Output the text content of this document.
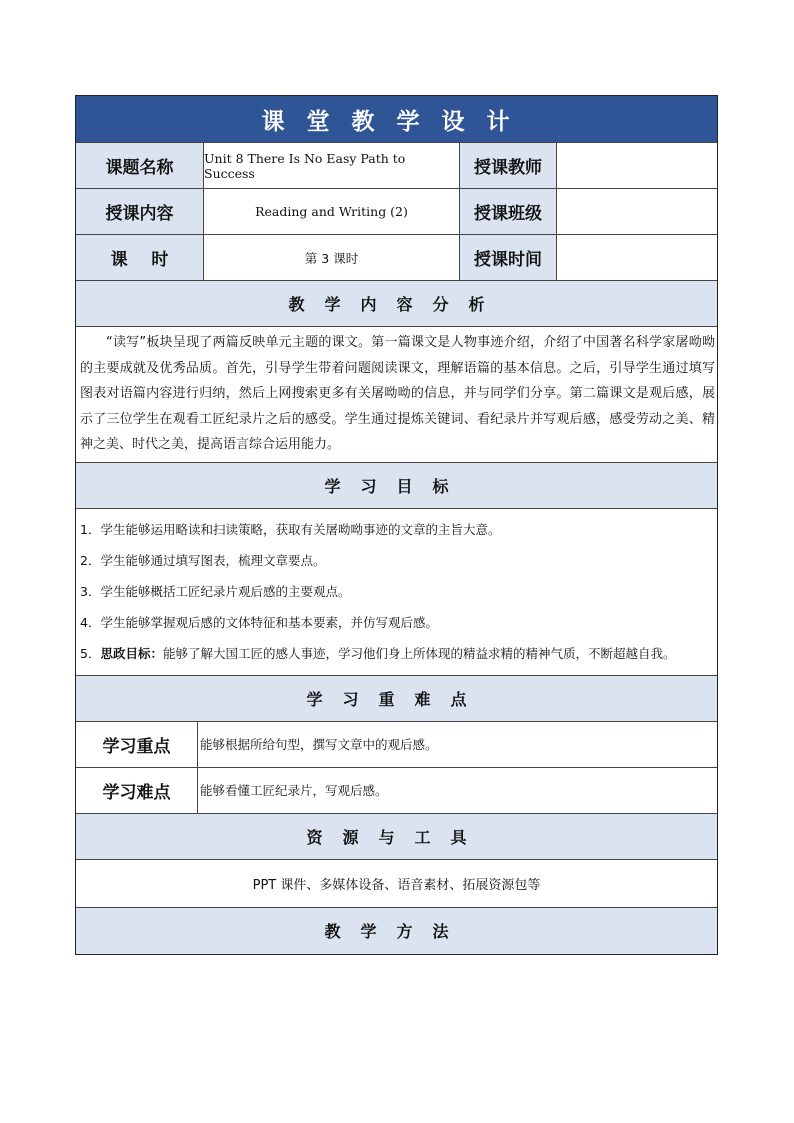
课堂教学设计
课题名称	Unit 8 There Is No Easy Path to Success	授课教师
授课内容	Reading and Writing (2)	授课班级
课    时	第 3 课时	授课时间
教学内容分析
“读写”板块呈现了两篇反映单元主题的课文。第一篇课文是人物事迹介绍，介绍了中国著名科学家屠呦呦的主要成就及优秀品质。首先，引导学生带着问题阅读课文，理解语篇的基本信息。之后，引导学生通过填写图表对语篇内容进行归纳，然后上网搜索更多有关屠呦呦的信息，并与同学们分享。第二篇课文是观后感，展示了三位学生在观看工匠纪录片之后的感受。学生通过提炼关键词、看纪录片并写观后感，感受劳动之美、精神之美、时代之美，提高语言综合运用能力。
学习目标
1．学生能够运用略读和扫读策略，获取有关屠呦呦事迹的文章的主旨大意。
2．学生能够通过填写图表，梳理文章要点。
3．学生能够概括工匠纪录片观后感的主要观点。
4．学生能够掌握观后感的文体特征和基本要素，并仿写观后感。
5．思政目标：能够了解大国工匠的感人事迹，学习他们身上所体现的精益求精的精神气质，不断超越自我。
学习重难点
学习重点	能够根据所给句型，撰写文章中的观后感。
学习难点	能够看懂工匠纪录片，写观后感。
资源与工具
PPT 课件、多媒体设备、语音素材、拓展资源包等
教学方法
